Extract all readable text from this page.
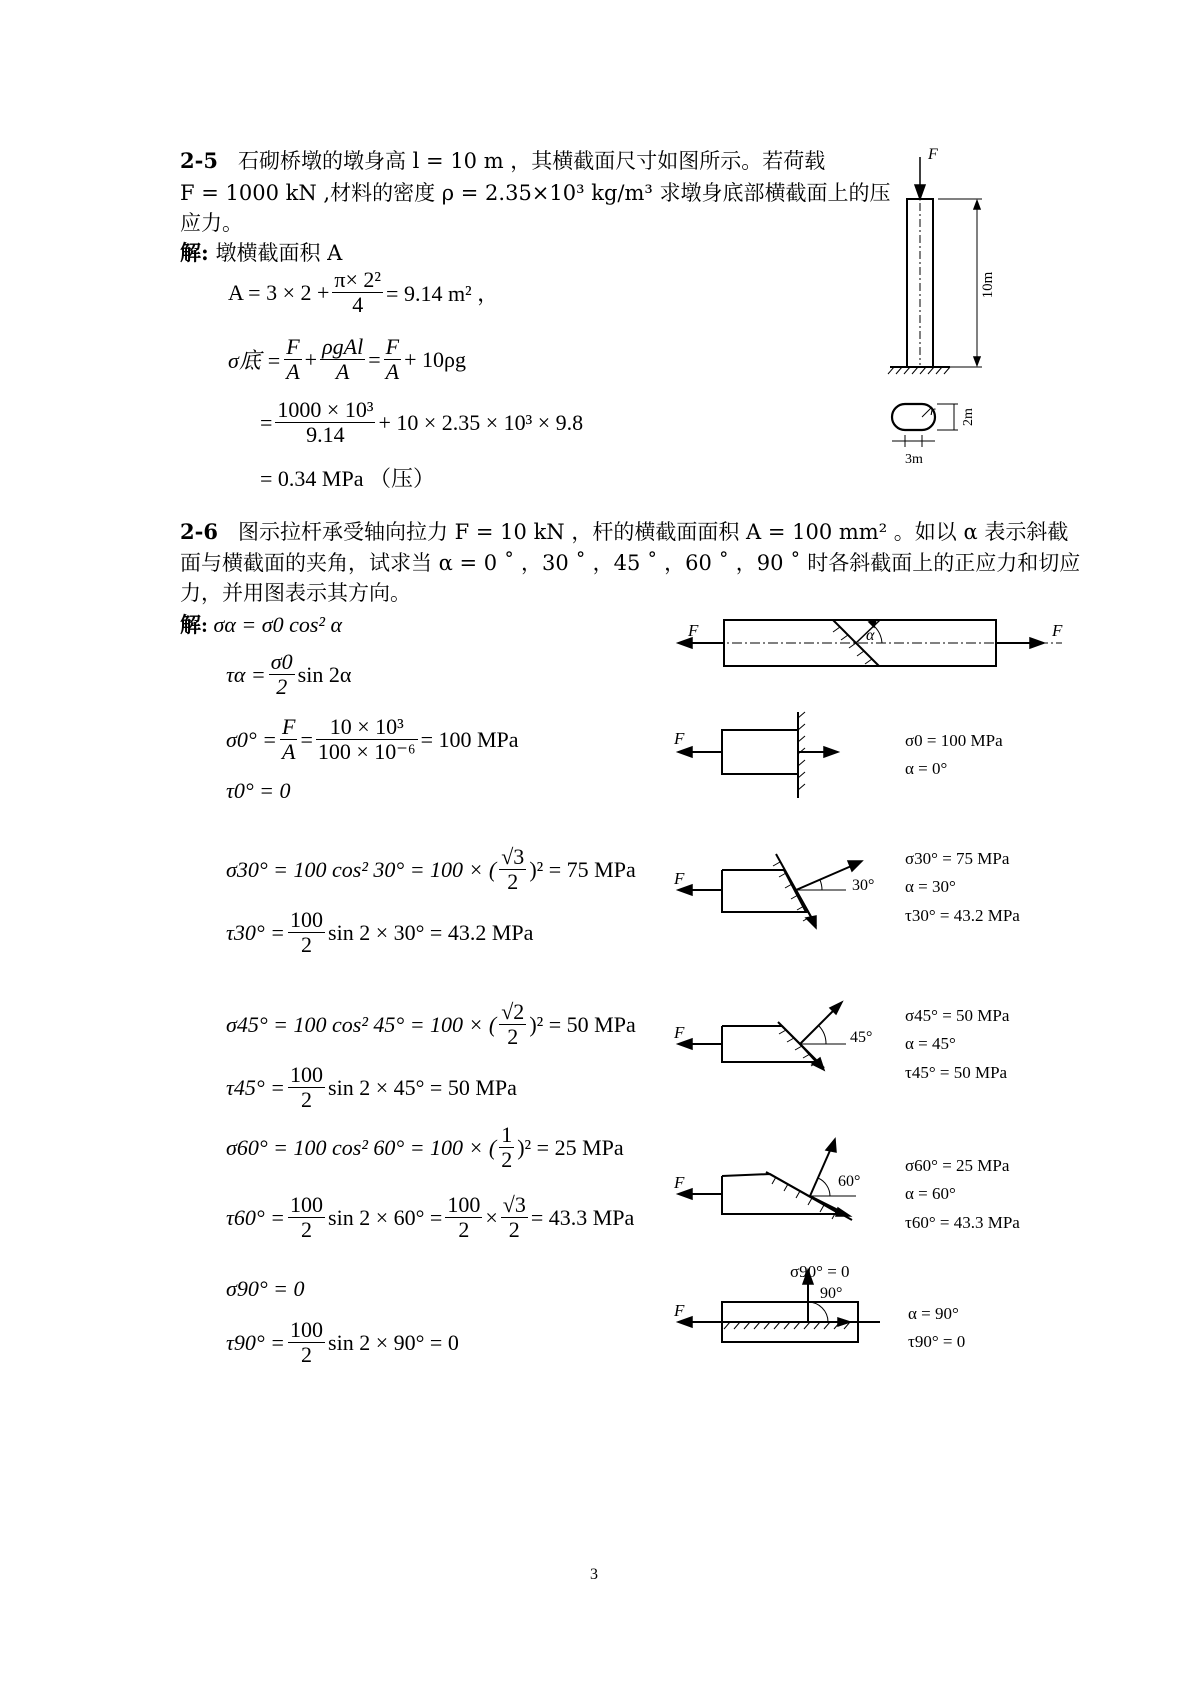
2-5 石砌桥墩的墩身高 l = 10 m ，其横截面尺寸如图所示。若荷载
F = 1000 kN ,材料的密度 ρ = 2.35×10³ kg/m³ 求墩身底部横截面上的压
应力。
解: 墩横截面积 A
$A = 3 \times 2 + \frac{\text{π× 2²}}{4} = 9.14$ m² ，
σ底 = $\frac{F}{A} + \frac{\text{ρgAl}}{A} = \frac{F}{A} + 10\rho g$
= $\frac{\text{1000 × 10³}}{9.14} + 10 \times 2.35 \times 10^3 \times 9.8$
= 0.34 MPa （压）
F
10m
r 2m
3m
2-6 图示拉杆承受轴向拉力 F = 10 kN ，杆的横截面面积 A = 100 mm² 。如以 α 表示斜截
面与横截面的夹角，试求当 α = 0 ˚ ，30 ˚ ，45 ˚ ，60 ˚ ，90 ˚ 时各斜截面上的正应力和切应
力，并用图表示其方向。
解:
σα = σ0 cos² α
$\tau\alpha = \frac{\sigma 0}{2}$ sin 2α
$\sigma 0^\circ = \frac{F}{A} = \frac{\text{10 × 10³}}{\text{100 × 10⁻⁶}} = 100$ MPa
τ0° = 0
σ30° = 100 cos² 30° = 100 × ( $\frac{√3}{2} )^2 = 75$ MPa
$\tau 30^\circ = \frac{100}{2}$ sin 2 × 30° = 43.2 MPa
σ45° = 100 cos² 45° = 100 × ( $\frac{√2}{2} )^2 = 50$ MPa
$\tau 45^\circ = \frac{100}{2}$ sin 2 × 45° = 50 MPa
σ60° = 100 cos² 60° = 100 × ( $\frac{1}{2} )^2 = 25$ MPa
$\tau 60^\circ = \frac{100}{2}$ $\sin 2 \times 60^\circ = \frac{100}{2} \times \frac{√3}{2} = 43.3$ MPa
σ90° = 0
$\tau 90^\circ = \frac{100}{2}$ sin 2 × 90° = 0
F	F
α
F	σ0 = 100 MPa
α = 0°
F	30°
σ30° = 75 MPa
α = 30°
τ30° = 43.2 MPa
F	45°
σ45° = 50 MPa
α = 45°
τ45° = 50 MPa
F	60°
σ60° = 25 MPa
α = 60°
τ60° = 43.3 MPa
F
90°
σ90° = 0
α = 90°
τ90° = 0
3
